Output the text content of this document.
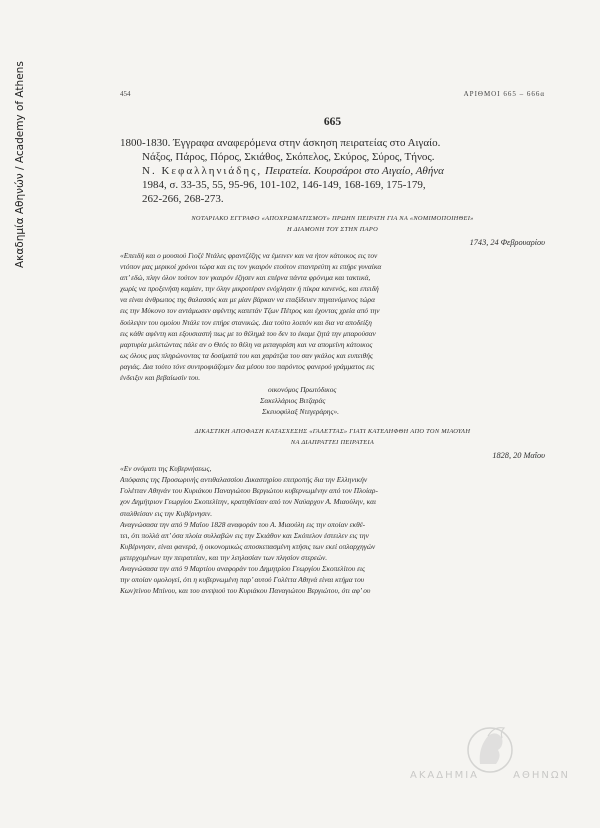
Ακαδημία Αθηνών / Academy of Athens	454	ΑΡΙΘΜΟΙ 665 – 666α
665
1800-1830. Έγγραφα αναφερόμενα στην άσκηση πειρατείας στο Αιγαίο.
Νάξος, Πάρος, Πόρος, Σκιάθος, Σκόπελος, Σκύρος, Σύρος, Τήνος.
Ν. Κεφαλληνιάδης, Πειρατεία. Κουρσάροι στο Αιγαίο, Αθήνα
1984, σ. 33-35, 55, 95-96, 101-102, 146-149, 168-169, 175-179,
262-266, 268-273.
ΝΟΤΑΡΙΑΚΟ ΕΓΓΡΑΦΟ «ΑΠΟΧΡΩΜΑΤΙΣΜΟΥ» ΠΡΩΗΝ ΠΕΙΡΑΤΗ ΓΙΑ ΝΑ «ΝΟΜΙΜΟΠΟΙΗΘΕΙ»
Η ΔΙΑΜΟΝΗ ΤΟΥ ΣΤΗΝ ΠΑΡΟ
1743, 24 Φεβρουαρίου
«Επειδή και ο μουσιού Γιοζέ Ντάλες φραντζέζης να έμεινεν και να ήτον κάτοικος εις τον
ντόπον μας μερικοί χρόνοι τώρα και εις τον γκαιρόν ετούτον επαντρεύτη κι επήρε γυναίκα
απ’ εδώ, πλην όλον τούτον τον γκαιρόν έζησεν και επέρνα πάντα φρόνιμα και τακτικά,
χωρίς να προξενήση καμίαν, την όλην μικροτέραν ενόχλησιν ή πίκρα κανενός, και επειδή
να είναι άνθρωπος της θαλασσός και με μίαν βάρκαν να εταξίδευεν πηγαινόμενος τώρα
εις την Μύκονο τον αντάμωσεν αφέντης καπετάν Τζων Πέτρος και έχοντας χρεία από την
δούλεψιν του ομοίου Ντάλε τον επήρε στανικώς. Δια τούτο λοιπόν και δια να αποδείξη
εις κάθε αφέντη και εξουσιαστή πως με το θέλημά του δεν το έκαμε ζητά την μπαρούσαν
μαρτυρία μελετώντας πάλε αν ο Θεός το θέλη να μεταγυρίση και να απομείνη κάτοικος
ως όλους μας πληρώνοντας τα δοσίματά του και χαράτζια του σαν γκάλος και ευπειθής
ραγιάς. Δια τούτο τόνε συντροφιάζομεν δια μέσου του παρόντος φανερού γράμματος εις
ένδειξιν και βεβαίωσίν του.
οικονόμος Πρωτόδικος
Σακελλάριος Βιτζαράς
Σκευοφύλαξ Ντεγεράρης».
ΔΙΚΑΣΤΙΚΗ ΑΠΟΦΑΣΗ ΚΑΤΑΣΧΕΣΗΣ «ΓΑΛΕΤΤΑΣ» ΓΙΑΤΙ ΚΑΤΕΛΗΦΘΗ ΑΠΟ ΤΟΝ ΜΙΑΟΥΛΗ
ΝΑ ΔΙΑΠΡΑΤΤΕΙ ΠΕΙΡΑΤΕΙΑ
1828, 20 Μαΐου
«Εν ονόματι της Κυβερνήσεως,
Απόφασις της Προσωρινής αντιθαλασσίου Δικαστηρίου επιτροπής δια την Ελληνικήν
Γολέτταν Αθηνάν του Κυριάκου Παναγιώτου Βεργιώτου κυβερνωμένην από τον Πλοίαρ-
χον Δημήτριον Γεωργίου Σκοπελίτην, κρατηθείσαν από τον Ναύαρχον Α. Μιαούλην, και
σταλθείσαν εις την Κυβέρνησιν.
Αναγνώσασα την από 9 Μαΐου 1828 αναφοράν του Α. Μιαούλη εις την οποίαν εκθέ-
τει, ότι πολλά απ’ όσα πλοία συλλαβών εις την Σκιάθον και Σκόπελον έστειλεν εις την
Κυβέρνησιν, είναι φανερά, ή οικονομικώς αποσκεπασμένη κτήσις των εκεί οπλαρχηγών
μετερχομένων την πειρατείαν, και την λεηλασίαν των πλησίον στερεών.
Αναγνώσασα την από 9 Μαρτίου αναφοράν του Δημητρίου Γεωργίου Σκοπελίτου εις
την οποίαν ομολογεί, ότι η κυβερνωμένη παρ’ αυτού Γολέττα Αθηνά είναι κτήμα του
Κων)τίνου Μπίνου, και του ανεψιού του Κυριάκου Παναγιώτου Βεργιώτου, ότι αφ’ ου
ΑΚΑΔΗΜΙΑ	ΑΘΗΝΩΝ
